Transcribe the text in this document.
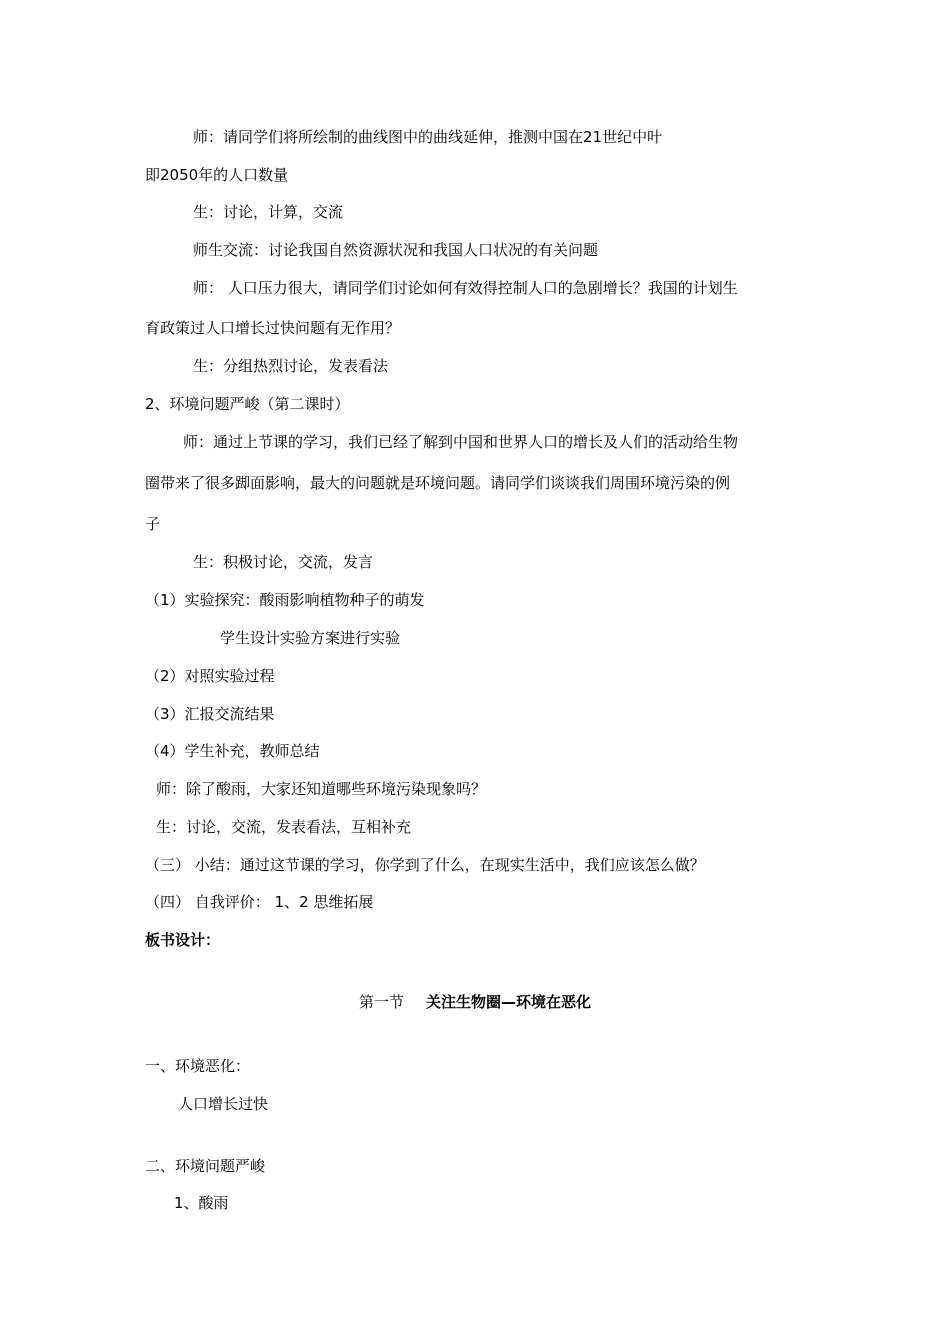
师：请同学们将所绘制的曲线图中的曲线延伸，推测中国在21世纪中叶
即2050年的人口数量
生：讨论，计算，交流
师生交流：讨论我国自然资源状况和我国人口状况的有关问题
师： 人口压力很大，请同学们讨论如何有效得控制人口的急剧增长？我国的计划生
育政策过人口增长过快问题有无作用？
生：分组热烈讨论，发表看法
2、环境问题严峻（第二课时）
师：通过上节课的学习，我们已经了解到中国和世界人口的增长及人们的活动给生物
圈带来了很多踋面影响，最大的问题就是环境问题。请同学们谈谈我们周围环境污染的例
子
生：积极讨论，交流，发言
（1）实验探究：酸雨影响植物种子的萌发
学生设计实验方案进行实验
（2）对照实验过程
（3）汇报交流结果
（4）学生补充，教师总结
师：除了酸雨，大家还知道哪些环境污染现象吗？
生：讨论，交流，发表看法，互相补充
（三） 小结：通过这节课的学习，你学到了什么，在现实生活中，我们应该怎么做？
（四） 自我评价： 1、2 思维拓展
板书设计：
第一节 关注生物圈—环境在恶化
一、环境恶化：
人口增长过快
二、环境问题严峻
1、酸雨
